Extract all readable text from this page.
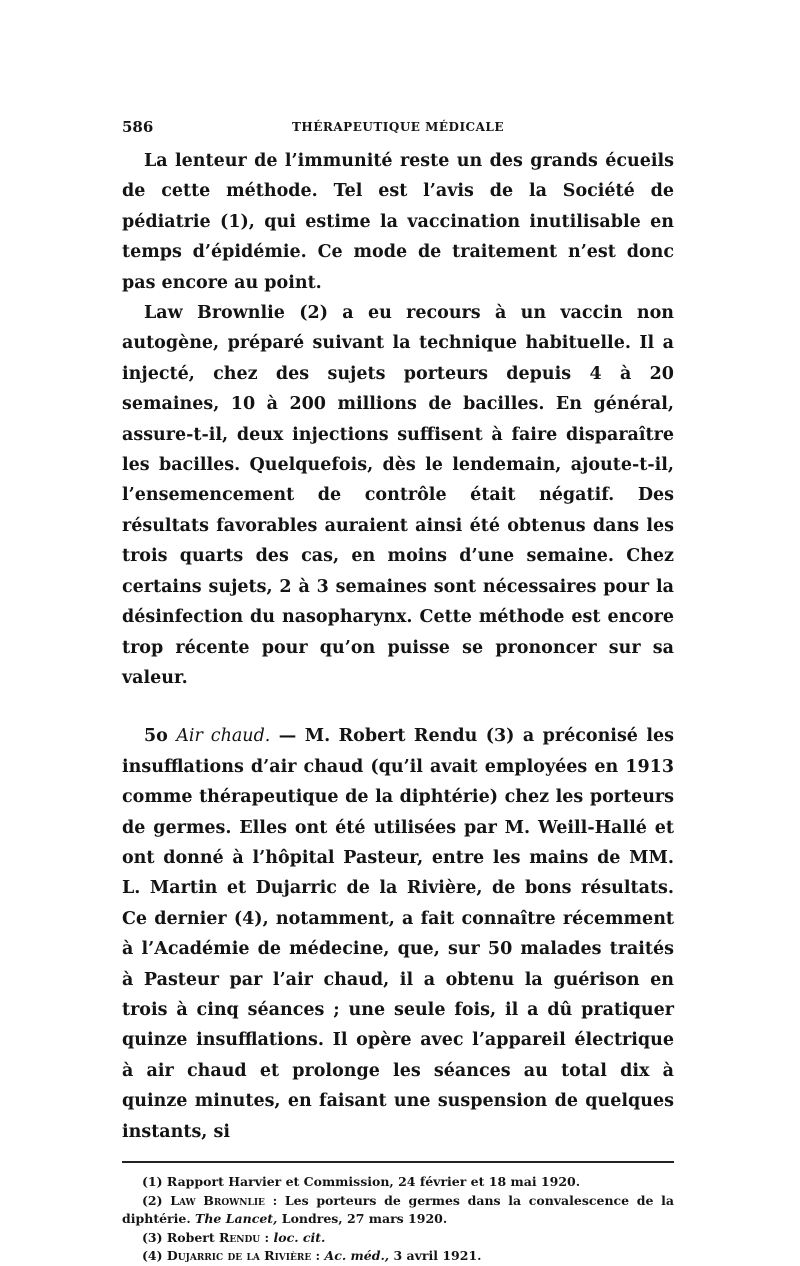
586	THÉRAPEUTIQUE MÉDICALE

La lenteur de l’immunité reste un des grands écueils de cette méthode. Tel est l’avis de la Société de pédiatrie (1), qui estime la vaccination inutilisable en temps d’épidémie. Ce mode de traitement n’est donc pas encore au point.

Law Brownlie (2) a eu recours à un vaccin non autogène, préparé suivant la technique habituelle. Il a injecté, chez des sujets porteurs depuis 4 à 20 semaines, 10 à 200 millions de bacilles. En général, assure-t-il, deux injections suffisent à faire disparaître les bacilles. Quelquefois, dès le lendemain, ajoute-t-il, l’ensemencement de contrôle était négatif. Des résultats favorables auraient ainsi été obtenus dans les trois quarts des cas, en moins d’une semaine. Chez certains sujets, 2 à 3 semaines sont nécessaires pour la désinfection du nasopharynx. Cette méthode est encore trop récente pour qu’on puisse se prononcer sur sa valeur.

5o Air chaud. — M. Robert Rendu (3) a préconisé les insufflations d’air chaud (qu’il avait employées en 1913 comme thérapeutique de la diphtérie) chez les porteurs de germes. Elles ont été utilisées par M. Weill-Hallé et ont donné à l’hôpital Pasteur, entre les mains de MM. L. Martin et Dujarric de la Rivière, de bons résultats. Ce dernier (4), notamment, a fait connaître récemment à l’Académie de médecine, que, sur 50 malades traités à Pasteur par l’air chaud, il a obtenu la guérison en trois à cinq séances ; une seule fois, il a dû pratiquer quinze insufflations. Il opère avec l’appareil électrique à air chaud et prolonge les séances au total dix à quinze minutes, en faisant une suspension de quelques instants, si

(1) Rapport Harvier et Commission, 24 février et 18 mai 1920.

(2) Law Brownlie : Les porteurs de germes dans la convalescence de la diphtérie. The Lancet, Londres, 27 mars 1920.

(3) Robert Rendu : loc. cit.

(4) Dujarric de la Rivière : Ac. méd., 3 avril 1921.
